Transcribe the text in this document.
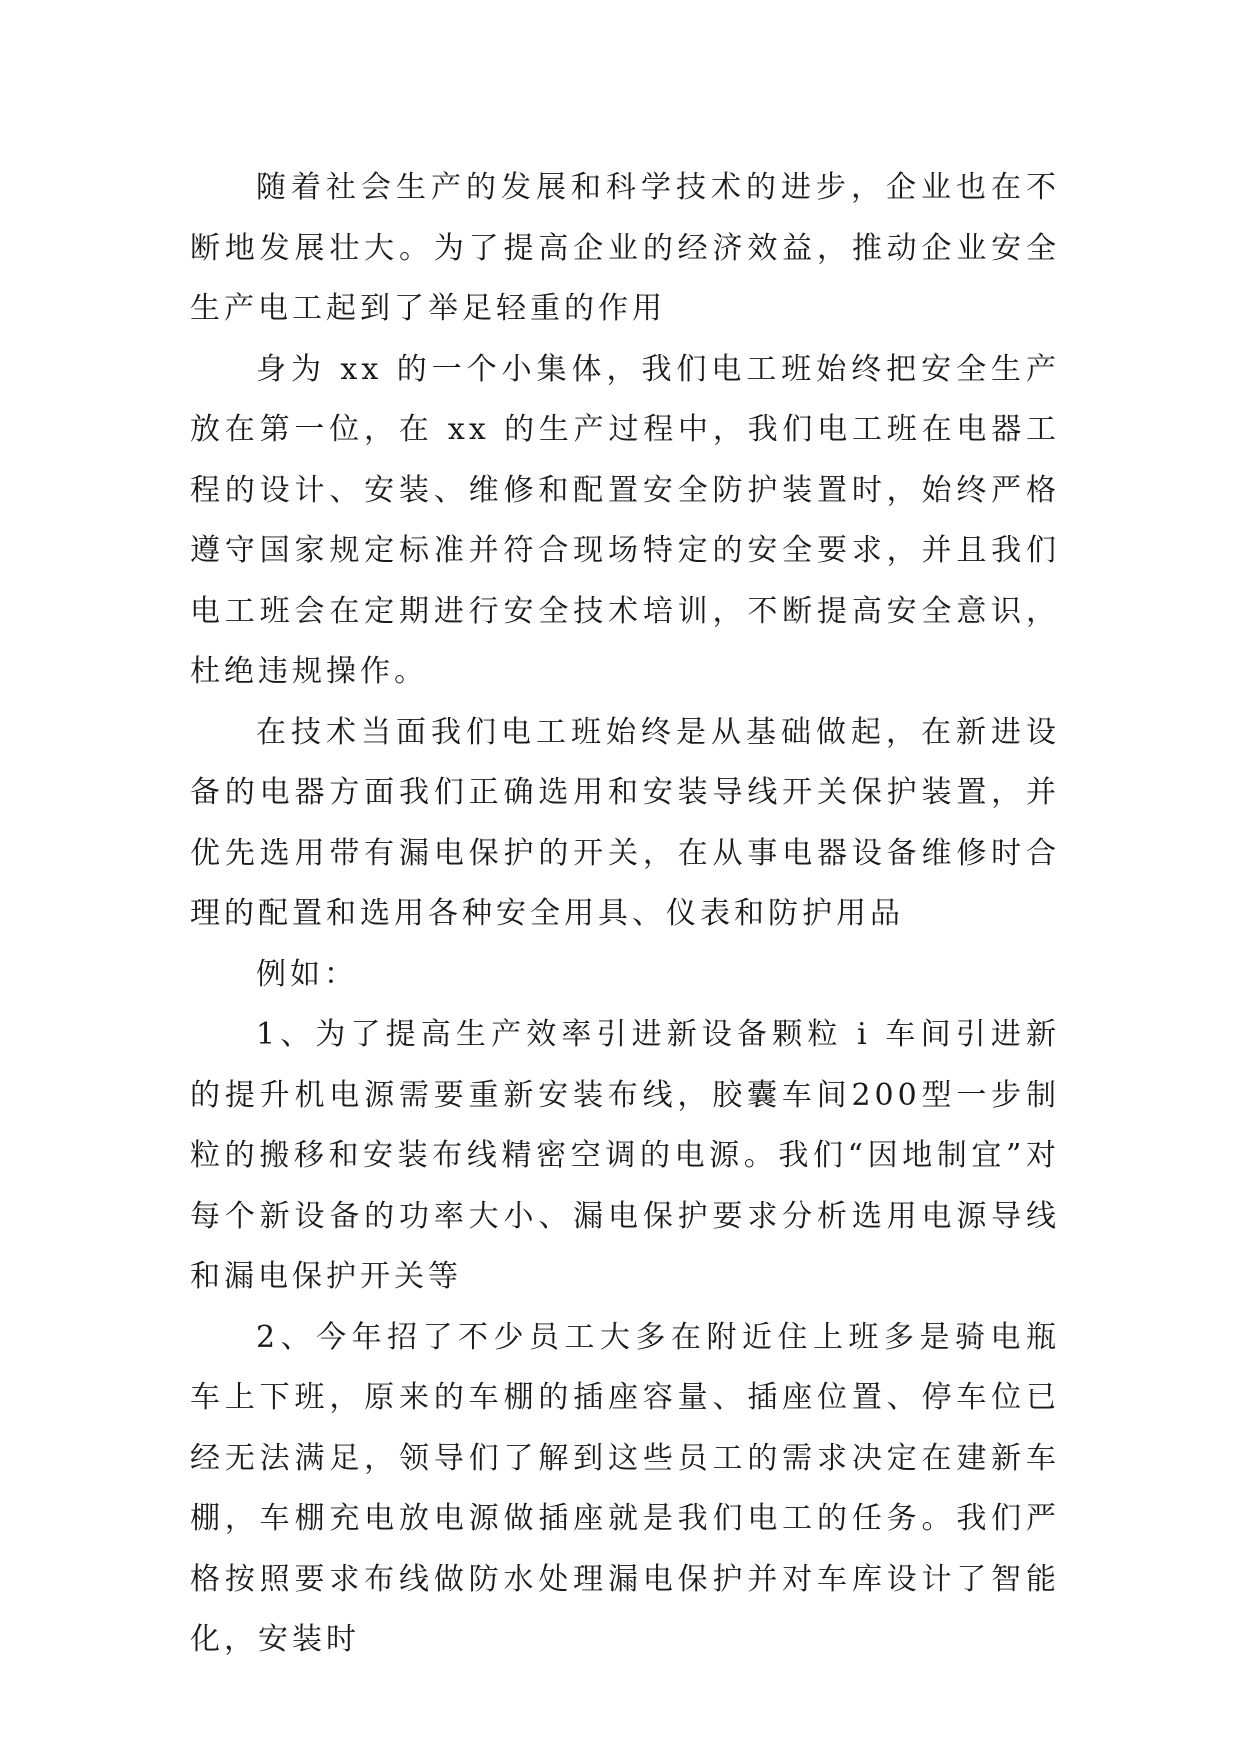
随着社会生产的发展和科学技术的进步，企业也在不断地发展壮大。为了提高企业的经济效益，推动企业安全生产电工起到了举足轻重的作用

身为 xx 的一个小集体，我们电工班始终把安全生产放在第一位，在 xx 的生产过程中，我们电工班在电器工程的设计、安装、维修和配置安全防护装置时，始终严格遵守国家规定标准并符合现场特定的安全要求，并且我们电工班会在定期进行安全技术培训，不断提高安全意识，杜绝违规操作。

在技术当面我们电工班始终是从基础做起，在新进设备的电器方面我们正确选用和安装导线开关保护装置，并优先选用带有漏电保护的开关，在从事电器设备维修时合理的配置和选用各种安全用具、仪表和防护用品

例如：

1、为了提高生产效率引进新设备颗粒 i 车间引进新的提升机电源需要重新安装布线，胶囊车间200型一步制粒的搬移和安装布线精密空调的电源。我们“因地制宜”对每个新设备的功率大小、漏电保护要求分析选用电源导线和漏电保护开关等

2、今年招了不少员工大多在附近住上班多是骑电瓶车上下班，原来的车棚的插座容量、插座位置、停车位已经无法满足，领导们了解到这些员工的需求决定在建新车棚，车棚充电放电源做插座就是我们电工的任务。我们严格按照要求布线做防水处理漏电保护并对车库设计了智能化，安装时
